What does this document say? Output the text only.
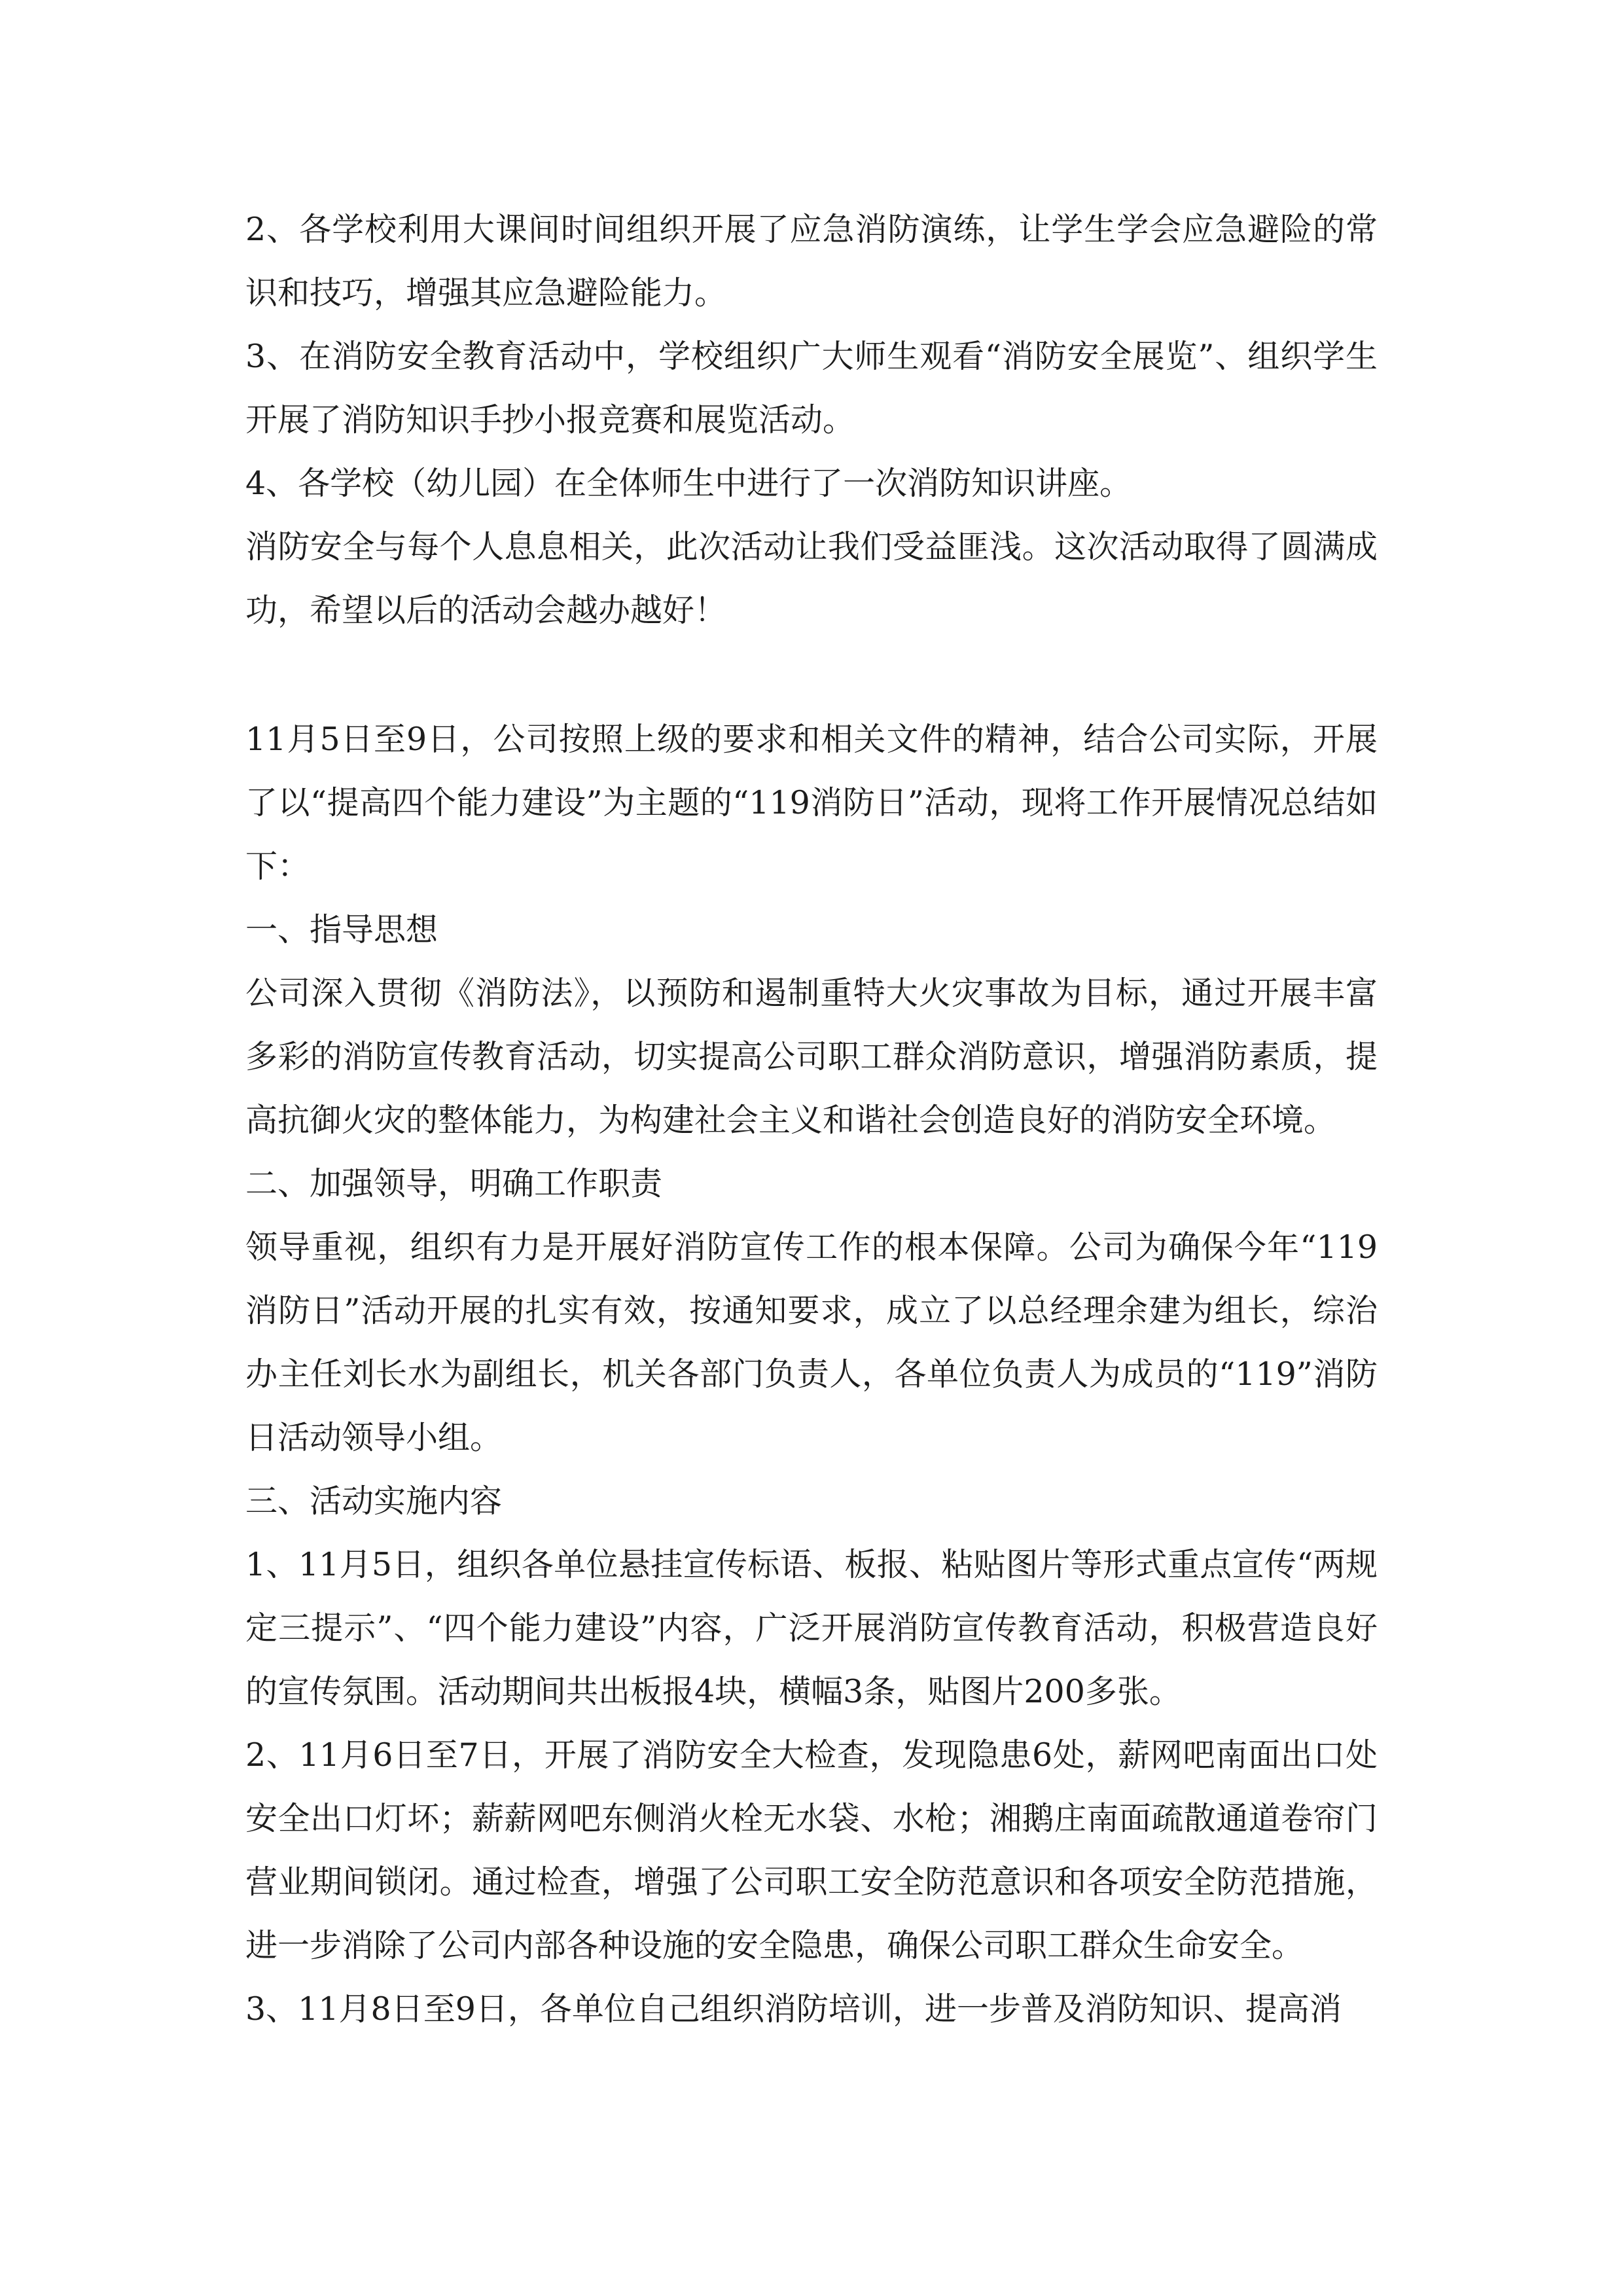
2、各学校利用大课间时间组织开展了应急消防演练，让学生学会应急避险的常识和技巧，增强其应急避险能力。

3、在消防安全教育活动中，学校组织广大师生观看“消防安全展览”、组织学生开展了消防知识手抄小报竞赛和展览活动。

4、各学校（幼儿园）在全体师生中进行了一次消防知识讲座。

消防安全与每个人息息相关，此次活动让我们受益匪浅。这次活动取得了圆满成功，希望以后的活动会越办越好！

11月5日至9日，公司按照上级的要求和相关文件的精神，结合公司实际，开展了以“提高四个能力建设”为主题的“119消防日”活动，现将工作开展情况总结如下：

一、指导思想

公司深入贯彻《消防法》，以预防和遏制重特大火灾事故为目标，通过开展丰富多彩的消防宣传教育活动，切实提高公司职工群众消防意识，增强消防素质，提高抗御火灾的整体能力，为构建社会主义和谐社会创造良好的消防安全环境。

二、加强领导，明确工作职责

领导重视，组织有力是开展好消防宣传工作的根本保障。公司为确保今年“119消防日”活动开展的扎实有效，按通知要求，成立了以总经理余建为组长，综治办主任刘长水为副组长，机关各部门负责人，各单位负责人为成员的“119”消防日活动领导小组。

三、活动实施内容

1、11月5日，组织各单位悬挂宣传标语、板报、粘贴图片等形式重点宣传“两规定三提示”、“四个能力建设”内容，广泛开展消防宣传教育活动，积极营造良好的宣传氛围。活动期间共出板报4块，横幅3条，贴图片200多张。

2、11月6日至7日，开展了消防安全大检查，发现隐患6处，薪网吧南面出口处安全出口灯坏；薪薪网吧东侧消火栓无水袋、水枪；湘鹅庄南面疏散通道卷帘门营业期间锁闭。通过检查，增强了公司职工安全防范意识和各项安全防范措施，进一步消除了公司内部各种设施的安全隐患，确保公司职工群众生命安全。

3、11月8日至9日，各单位自己组织消防培训，进一步普及消防知识、提高消
